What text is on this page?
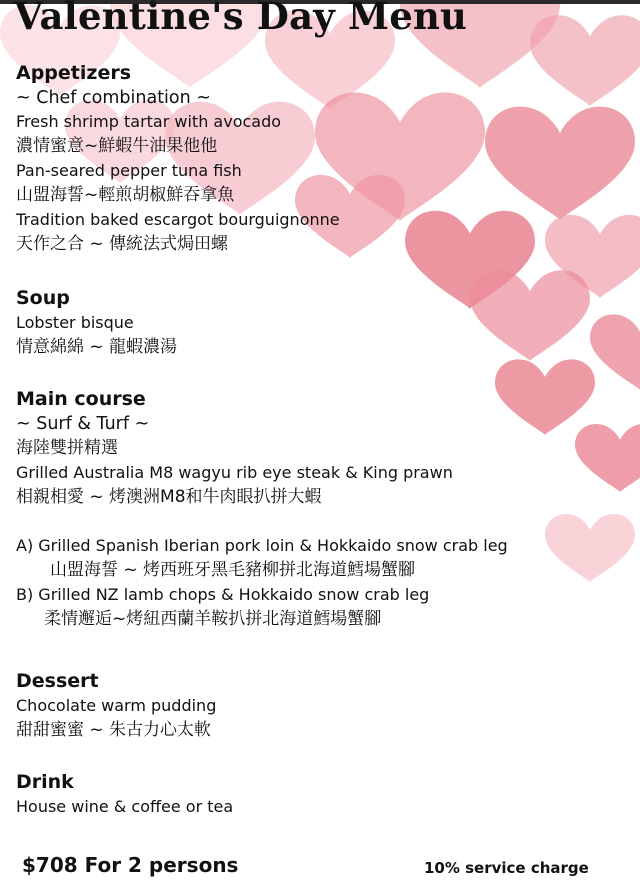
Valentine's Day Menu
Appetizers
~ Chef combination ~
Fresh shrimp tartar with avocado
濃情蜜意~鮮蝦牛油果他他
Pan-seared pepper tuna fish
山盟海誓~輕煎胡椒鮮吞拿魚
Tradition baked escargot bourguignonne
天作之合 ~ 傳統法式焗田螺
Soup
Lobster bisque
情意綿綿 ~ 龍蝦濃湯
Main course
~ Surf & Turf ~
海陸雙拼精選
Grilled Australia M8 wagyu rib eye steak & King prawn
相親相愛 ~ 烤澳洲M8和牛肉眼扒拼大蝦
A) Grilled Spanish Iberian pork loin & Hokkaido snow crab leg
山盟海誓 ~ 烤西班牙黑毛豬柳拼北海道鱈場蟹腳
B) Grilled NZ lamb chops & Hokkaido snow crab leg
柔情邂逅~烤紐西蘭羊鞍扒拼北海道鱈場蟹腳
Dessert
Chocolate warm pudding
甜甜蜜蜜 ~ 朱古力心太軟
Drink
House wine & coffee or tea
$708 For 2 persons	10% service charge
